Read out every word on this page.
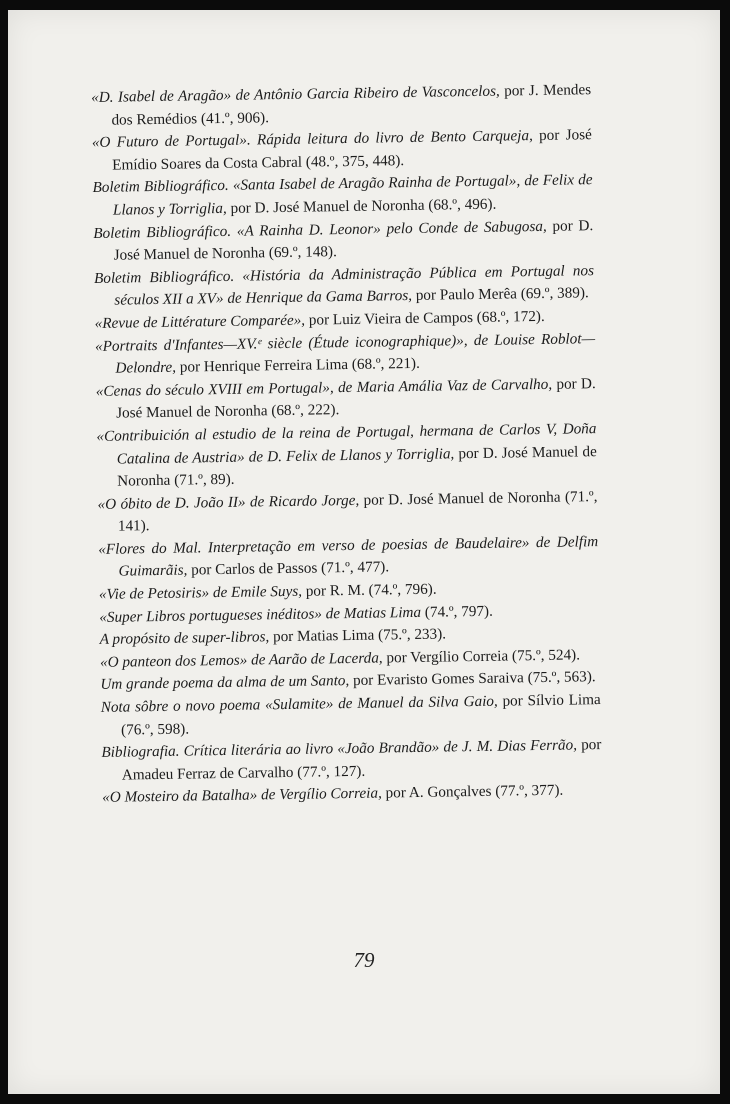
«D. Isabel de Aragão» de Antônio Garcia Ribeiro de Vasconcelos, por J. Mendes dos Remédios (41.º, 906).

«O Futuro de Portugal». Rápida leitura do livro de Bento Carqueja, por José Emídio Soares da Costa Cabral (48.º, 375, 448).

Boletim Bibliográfico. «Santa Isabel de Aragão Rainha de Portugal», de Felix de Llanos y Torriglia, por D. José Manuel de Noronha (68.º, 496).

Boletim Bibliográfico. «A Rainha D. Leonor» pelo Conde de Sabugosa, por D. José Manuel de Noronha (69.º, 148).

Boletim Bibliográfico. «História da Administração Pública em Portugal nos séculos XII a XV» de Henrique da Gama Barros, por Paulo Merêa (69.º, 389).

«Revue de Littérature Comparée», por Luiz Vieira de Campos (68.º, 172).

«Portraits d'Infantes—XV.ᵉ siècle (Étude iconographique)», de Louise Roblot—Delondre, por Henrique Ferreira Lima (68.º, 221).

«Cenas do século XVIII em Portugal», de Maria Amália Vaz de Carvalho, por D. José Manuel de Noronha (68.º, 222).

«Contribuición al estudio de la reina de Portugal, hermana de Carlos V, Doña Catalina de Austria» de D. Felix de Llanos y Torriglia, por D. José Manuel de Noronha (71.º, 89).

«O óbito de D. João II» de Ricardo Jorge, por D. José Manuel de Noronha (71.º, 141).

«Flores do Mal. Interpretação em verso de poesias de Baudelaire» de Delfim Guimarãis, por Carlos de Passos (71.º, 477).

«Vie de Petosiris» de Emile Suys, por R. M. (74.º, 796).

«Super Libros portugueses inéditos» de Matias Lima (74.º, 797).

A propósito de super-libros, por Matias Lima (75.º, 233).

«O panteon dos Lemos» de Aarão de Lacerda, por Vergílio Correia (75.º, 524).

Um grande poema da alma de um Santo, por Evaristo Gomes Saraiva (75.º, 563).

Nota sôbre o novo poema «Sulamite» de Manuel da Silva Gaio, por Sílvio Lima (76.º, 598).

Bibliografia. Crítica literária ao livro «João Brandão» de J. M. Dias Ferrão, por Amadeu Ferraz de Carvalho (77.º, 127).

«O Mosteiro da Batalha» de Vergílio Correia, por A. Gonçalves (77.º, 377).

79
